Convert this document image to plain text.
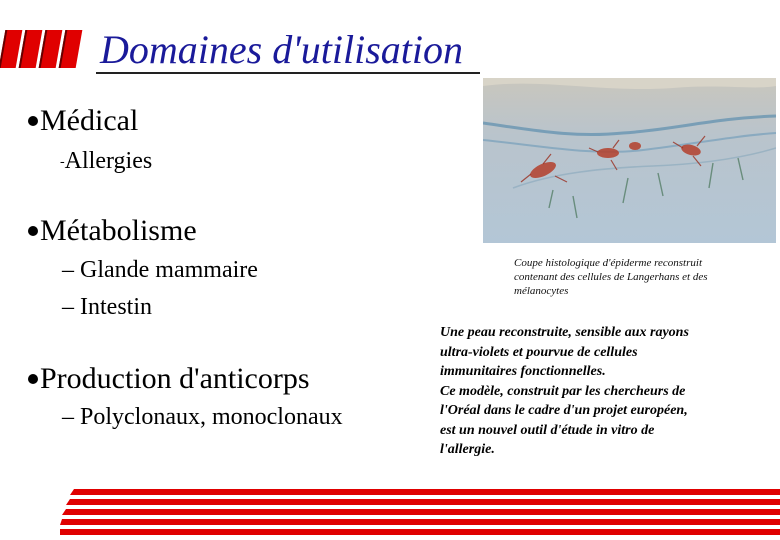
Domaines d'utilisation
Médical
-Allergies
Métabolisme
– Glande mammaire
– Intestin
Production d'anticorps
– Polyclonaux, monoclonaux
Coupe histologique d'épiderme reconstruit contenant des cellules de Langerhans et des mélanocytes
Une peau reconstruite, sensible aux rayons
ultra-violets et pourvue de cellules
immunitaires fonctionnelles.
Ce modèle, construit par les chercheurs de
l'Oréal dans le cadre d'un projet européen,
est un nouvel outil d'étude in vitro de
l'allergie.
